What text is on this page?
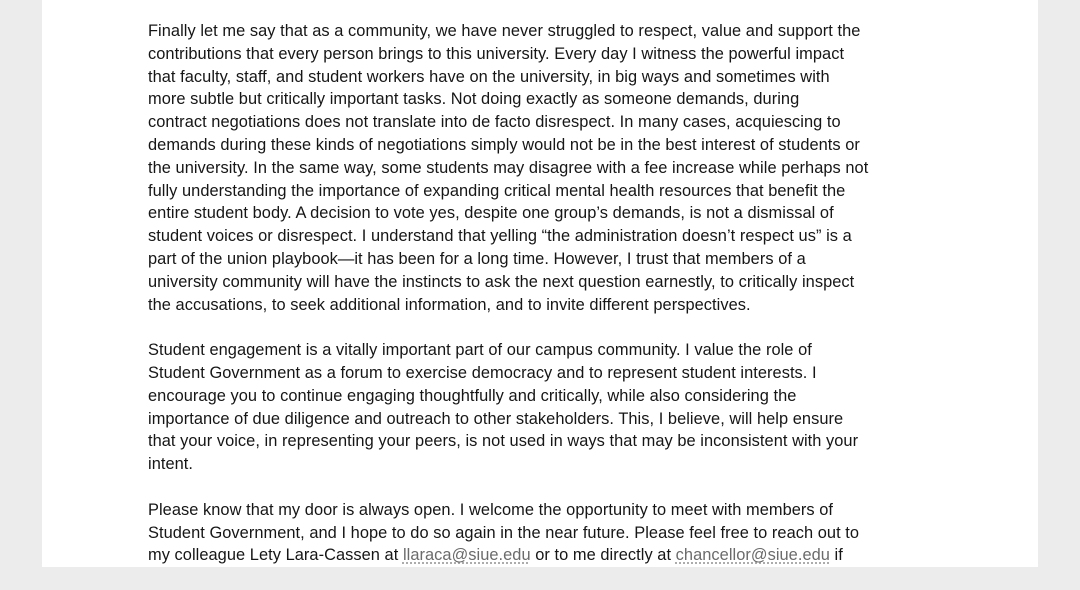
Finally let me say that as a community, we have never struggled to respect, value and support the
contributions that every person brings to this university. Every day I witness the powerful impact
that faculty, staff, and student workers have on the university, in big ways and sometimes with
more subtle but critically important tasks. Not doing exactly as someone demands, during
contract negotiations does not translate into de facto disrespect. In many cases, acquiescing to
demands during these kinds of negotiations simply would not be in the best interest of students or
the university. In the same way, some students may disagree with a fee increase while perhaps not
fully understanding the importance of expanding critical mental health resources that benefit the
entire student body. A decision to vote yes, despite one group’s demands, is not a dismissal of
student voices or disrespect. I understand that yelling “the administration doesn’t respect us” is a
part of the union playbook—it has been for a long time. However, I trust that members of a
university community will have the instincts to ask the next question earnestly, to critically inspect
the accusations, to seek additional information, and to invite different perspectives.

Student engagement is a vitally important part of our campus community. I value the role of
Student Government as a forum to exercise democracy and to represent student interests. I
encourage you to continue engaging thoughtfully and critically, while also considering the
importance of due diligence and outreach to other stakeholders. This, I believe, will help ensure
that your voice, in representing your peers, is not used in ways that may be inconsistent with your
intent.

Please know that my door is always open. I welcome the opportunity to meet with members of
Student Government, and I hope to do so again in the near future. Please feel free to reach out to
my colleague Lety Lara-Cassen at llaraca@siue.edu or to me directly at chancellor@siue.edu if
